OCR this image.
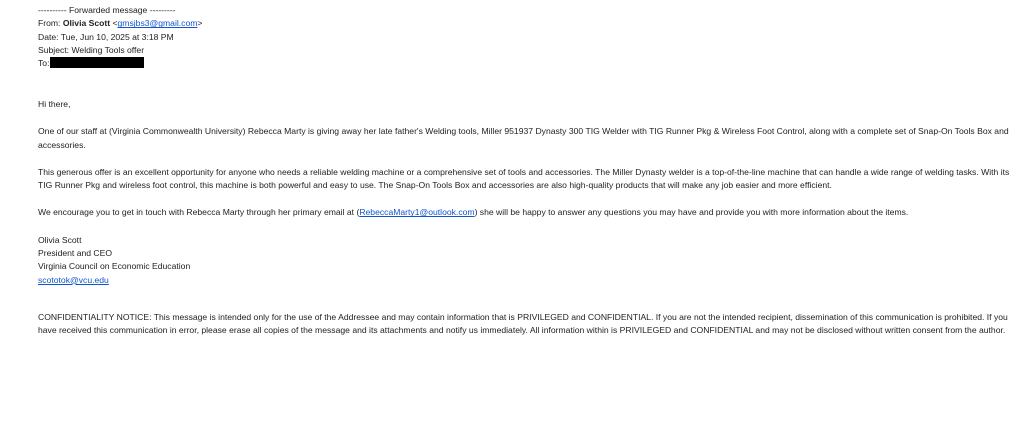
---------- Forwarded message ---------
From: Olivia Scott <gmsjbs3@gmail.com>
Date: Tue, Jun 10, 2025 at 3:18 PM
Subject: Welding Tools offer
To:

Hi there,

One of our staff at (Virginia Commonwealth University) Rebecca Marty is giving away her late father's Welding tools, Miller 951937 Dynasty 300 TIG Welder with TIG Runner Pkg & Wireless Foot Control, along with a complete set of Snap-On Tools Box and accessories.

This generous offer is an excellent opportunity for anyone who needs a reliable welding machine or a comprehensive set of tools and accessories. The Miller Dynasty welder is a top-of-the-line machine that can handle a wide range of welding tasks. With its TIG Runner Pkg and wireless foot control, this machine is both powerful and easy to use. The Snap-On Tools Box and accessories are also high-quality products that will make any job easier and more efficient.

We encourage you to get in touch with Rebecca Marty through her primary email at (RebeccaMarty1@outlook.com) she will be happy to answer any questions you may have and provide you with more information about the items.

Olivia Scott
President and CEO
Virginia Council on Economic Education
scototok@vcu.edu

CONFIDENTIALITY NOTICE: This message is intended only for the use of the Addressee and may contain information that is PRIVILEGED and CONFIDENTIAL. If you are not the intended recipient, dissemination of this communication is prohibited. If you have received this communication in error, please erase all copies of the message and its attachments and notify us immediately. All information within is PRIVILEGED and CONFIDENTIAL and may not be disclosed without written consent from the author.
